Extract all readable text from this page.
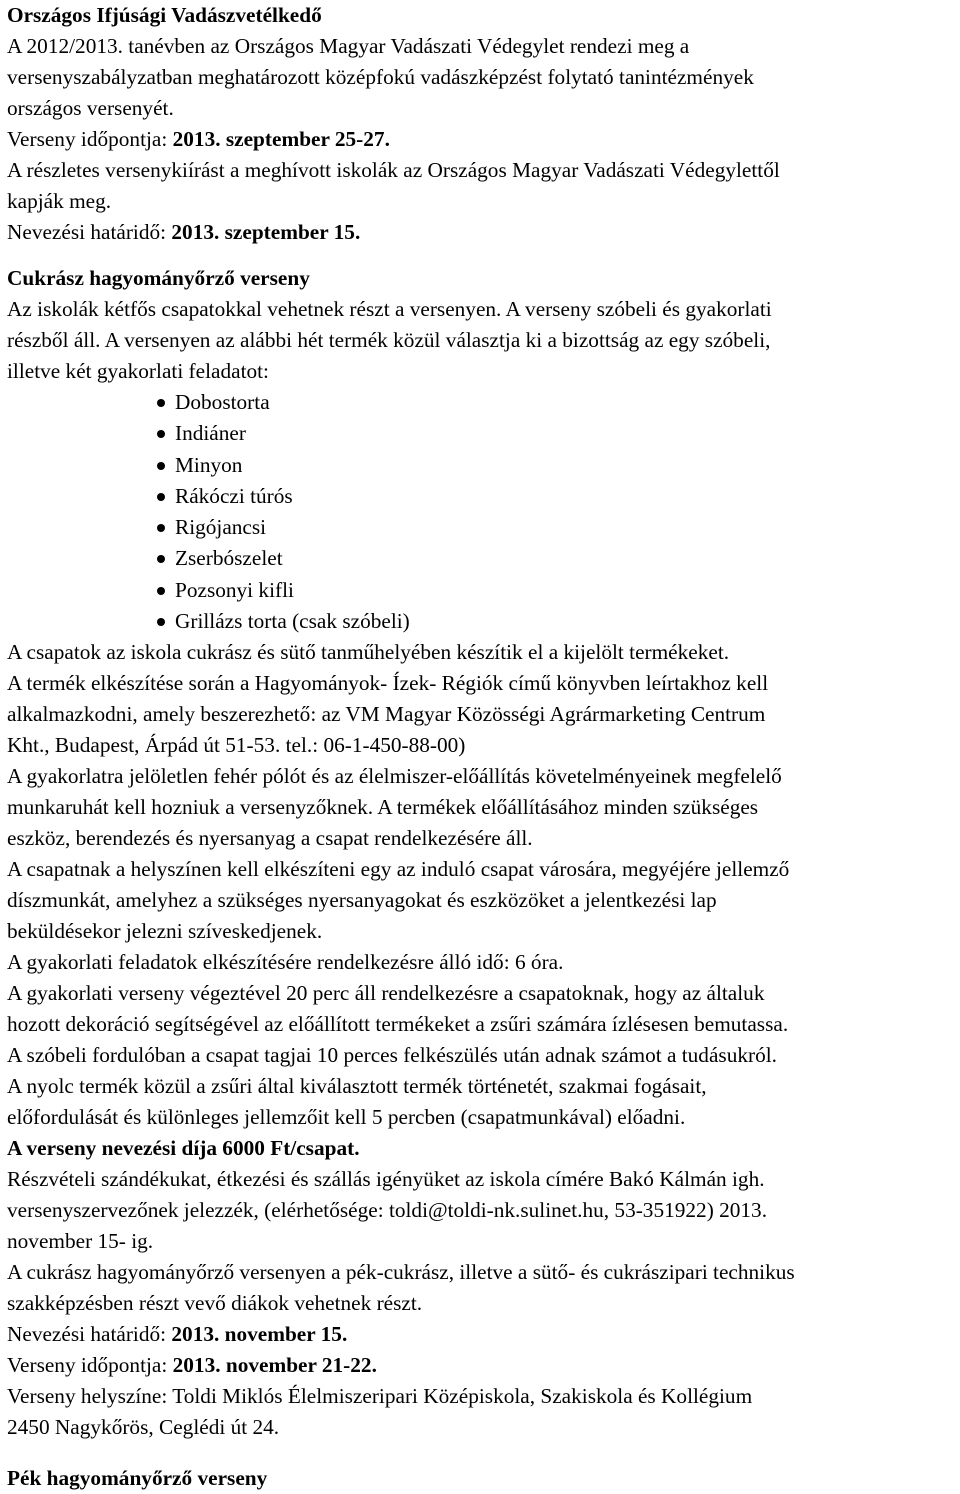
Országos Ifjúsági Vadászvetélkedő
A 2012/2013. tanévben az Országos Magyar Vadászati Védegylet rendezi meg a
versenyszabályzatban meghatározott középfokú vadászképzést folytató tanintézmények
országos versenyét.
Verseny időpontja: 2013. szeptember 25-27.
A részletes versenykiírást a meghívott iskolák az Országos Magyar Vadászati Védegylettől
kapják meg.
Nevezési határidő: 2013. szeptember 15.
Cukrász hagyományőrző verseny
Az iskolák kétfős csapatokkal vehetnek részt a versenyen. A verseny szóbeli és gyakorlati
részből áll. A versenyen az alábbi hét termék közül választja ki a bizottság az egy szóbeli,
illetve két gyakorlati feladatot:
Dobostorta
Indiáner
Minyon
Rákóczi túrós
Rigójancsi
Zserbószelet
Pozsonyi kifli
Grillázs torta (csak szóbeli)
A csapatok az iskola cukrász és sütő tanműhelyében készítik el a kijelölt termékeket.
A termék elkészítése során a Hagyományok- Ízek- Régiók című könyvben leírtakhoz kell
alkalmazkodni, amely beszerezhető: az VM Magyar Közösségi Agrármarketing Centrum
Kht., Budapest, Árpád út 51-53. tel.: 06-1-450-88-00)
A gyakorlatra jelöletlen fehér pólót és az élelmiszer-előállítás követelményeinek megfelelő
munkaruhát kell hozniuk a versenyzőknek. A termékek előállításához minden szükséges
eszköz, berendezés és nyersanyag a csapat rendelkezésére áll.
A csapatnak a helyszínen kell elkészíteni egy az induló csapat városára, megyéjére jellemző
díszmunkát, amelyhez a szükséges nyersanyagokat és eszközöket a jelentkezési lap
beküldésekor jelezni szíveskedjenek.
A gyakorlati feladatok elkészítésére rendelkezésre álló idő: 6 óra.
A gyakorlati verseny végeztével 20 perc áll rendelkezésre a csapatoknak, hogy az általuk
hozott dekoráció segítségével az előállított termékeket a zsűri számára ízlésesen bemutassa.
A szóbeli fordulóban a csapat tagjai 10 perces felkészülés után adnak számot a tudásukról.
A nyolc termék közül a zsűri által kiválasztott termék történetét, szakmai fogásait,
előfordulását és különleges jellemzőit kell 5 percben (csapatmunkával) előadni.
A verseny nevezési díja 6000 Ft/csapat.
Részvételi szándékukat, étkezési és szállás igényüket az iskola címére Bakó Kálmán igh.
versenyszervezőnek jelezzék, (elérhetősége: toldi@toldi-nk.sulinet.hu, 53-351922) 2013.
november 15- ig.
A cukrász hagyományőrző versenyen a pék-cukrász, illetve a sütő- és cukrászipari technikus
szakképzésben részt vevő diákok vehetnek részt.
Nevezési határidő: 2013. november 15.
Verseny időpontja: 2013. november 21-22.
Verseny helyszíne: Toldi Miklós Élelmiszeripari Középiskola, Szakiskola és Kollégium
2450 Nagykőrös, Ceglédi út 24.
Pék hagyományőrző verseny
